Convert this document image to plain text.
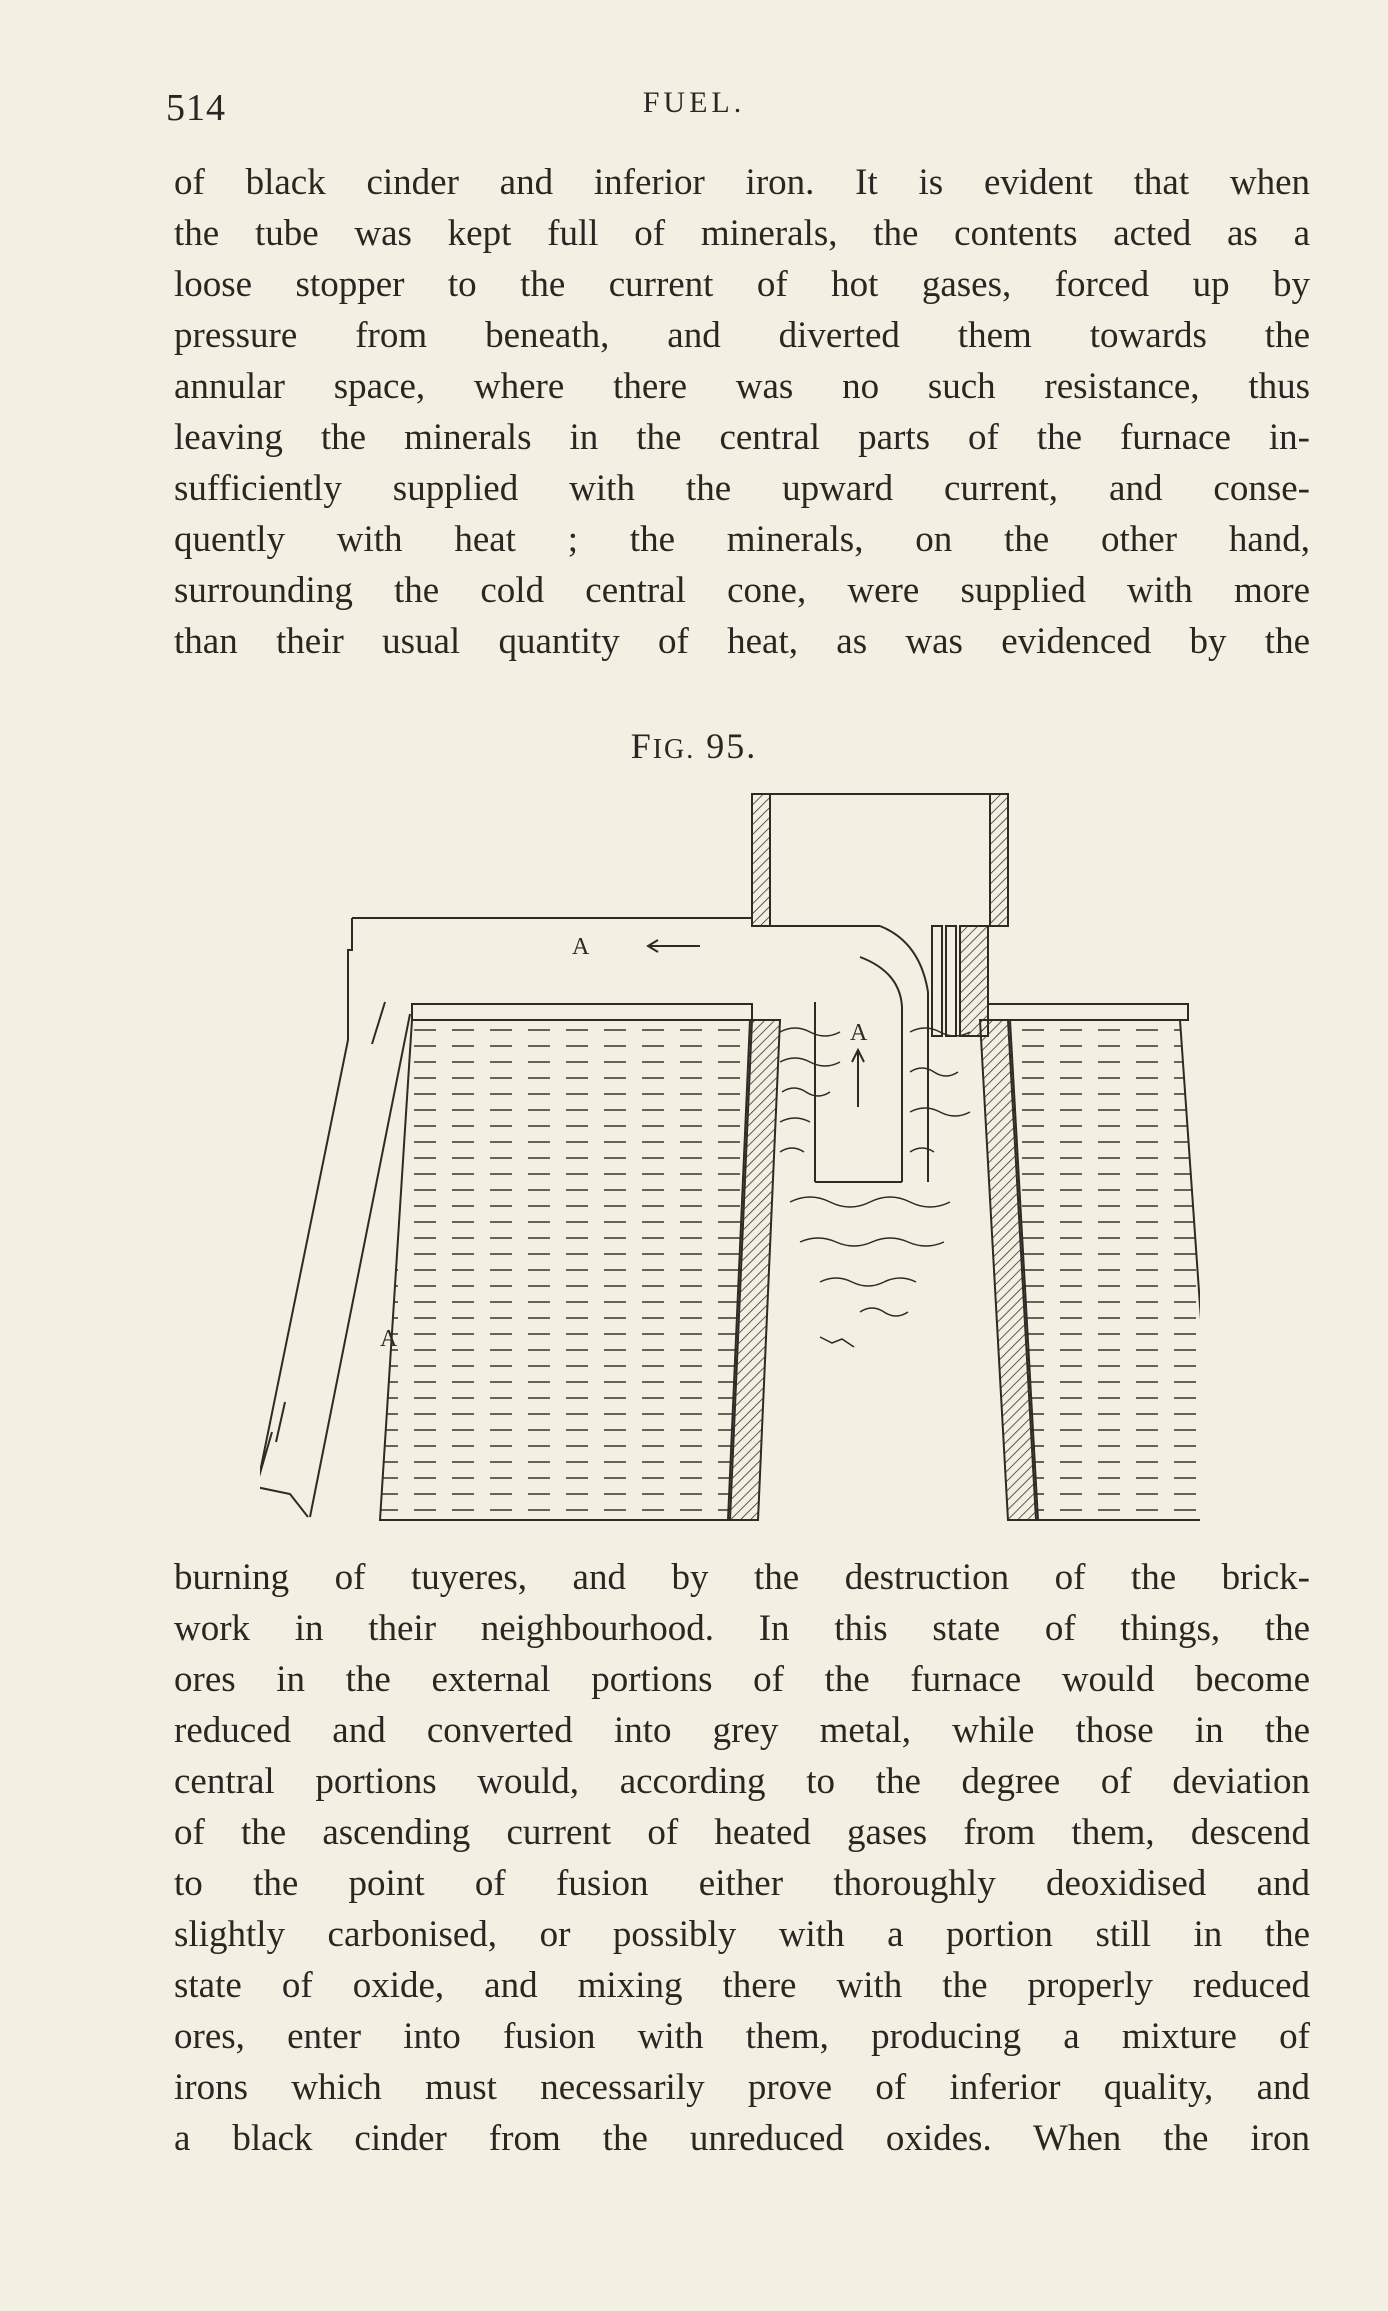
514	FUEL.
of black cinder and inferior iron. It is evident that when
the tube was kept full of minerals, the contents acted as a
loose stopper to the current of hot gases, forced up by
pressure from beneath, and diverted them towards the
annular space, where there was no such resistance, thus
leaving the minerals in the central parts of the furnace in-
sufficiently supplied with the upward current, and conse-
quently with heat ; the minerals, on the other hand,
surrounding the cold central cone, were supplied with more
than their usual quantity of heat, as was evidenced by the
FIG. 95.
A
A
A
burning of tuyeres, and by the destruction of the brick-
work in their neighbourhood. In this state of things, the
ores in the external portions of the furnace would become
reduced and converted into grey metal, while those in the
central portions would, according to the degree of deviation
of the ascending current of heated gases from them, descend
to the point of fusion either thoroughly deoxidised and
slightly carbonised, or possibly with a portion still in the
state of oxide, and mixing there with the properly reduced
ores, enter into fusion with them, producing a mixture of
irons which must necessarily prove of inferior quality, and
a black cinder from the unreduced oxides. When the iron
